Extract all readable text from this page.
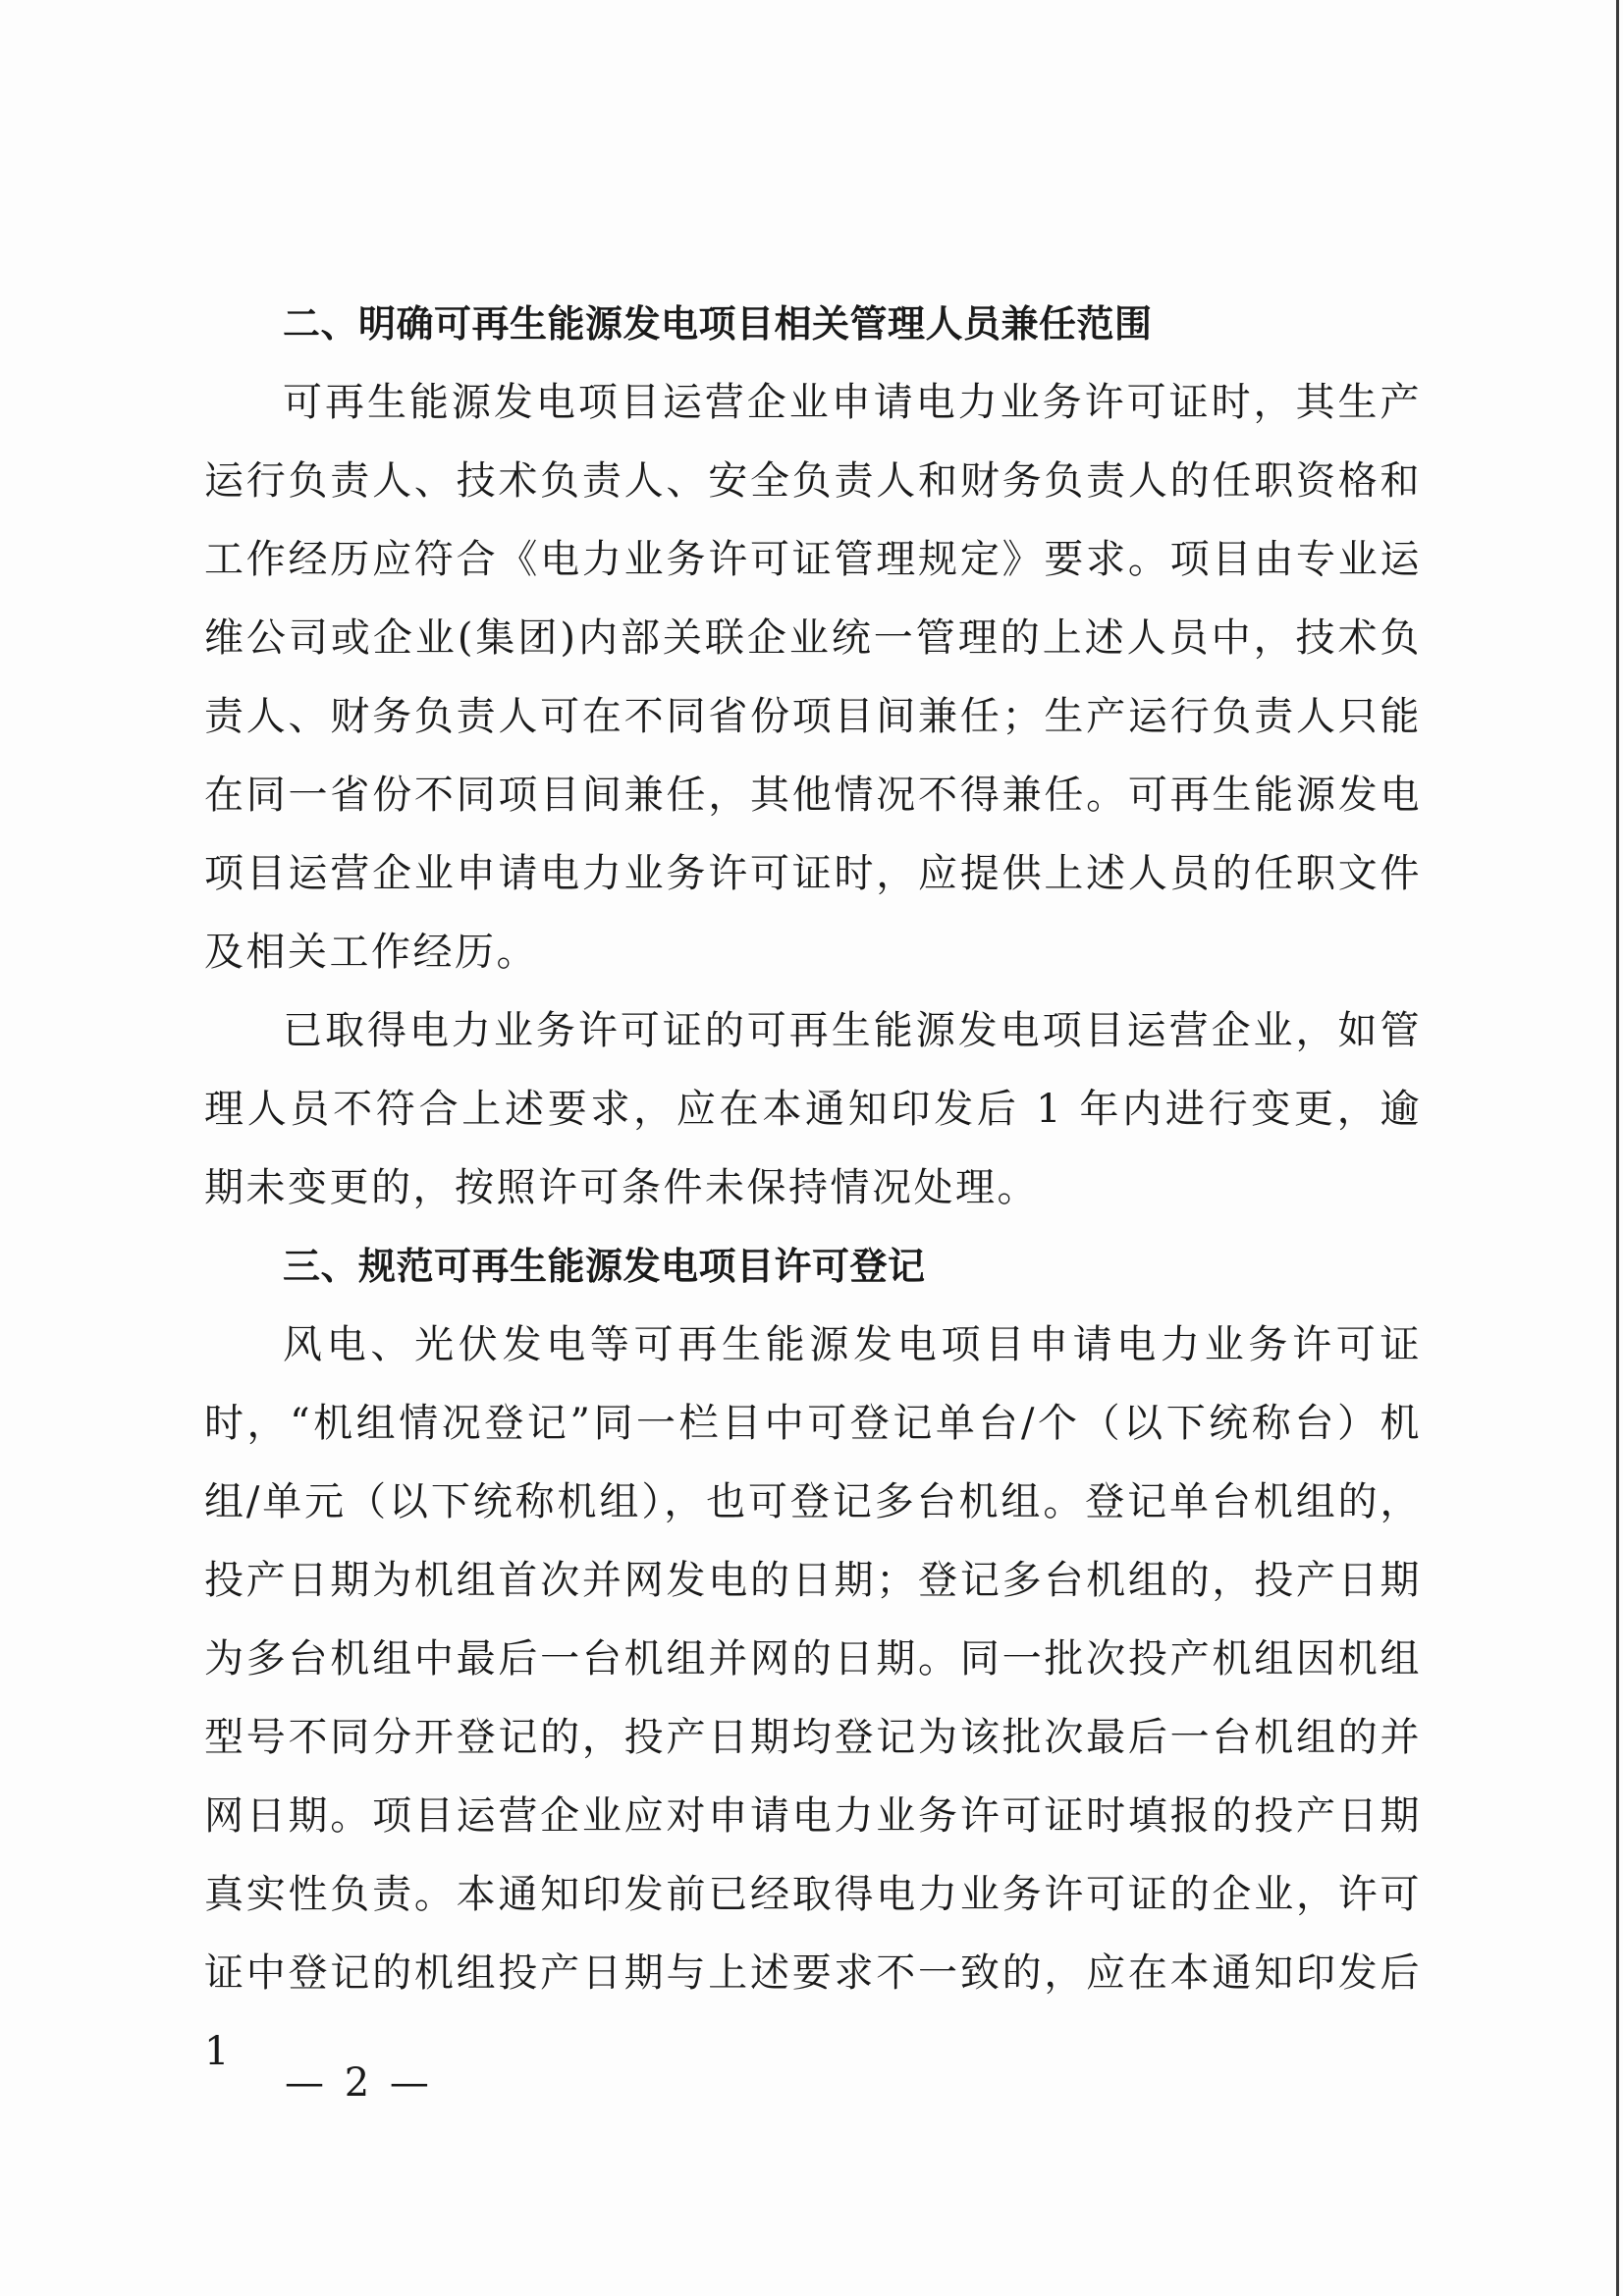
二、明确可再生能源发电项目相关管理人员兼任范围

可再生能源发电项目运营企业申请电力业务许可证时，其生产运行负责人、技术负责人、安全负责人和财务负责人的任职资格和工作经历应符合《电力业务许可证管理规定》要求。项目由专业运维公司或企业(集团)内部关联企业统一管理的上述人员中，技术负责人、财务负责人可在不同省份项目间兼任；生产运行负责人只能在同一省份不同项目间兼任，其他情况不得兼任。可再生能源发电项目运营企业申请电力业务许可证时，应提供上述人员的任职文件及相关工作经历。

已取得电力业务许可证的可再生能源发电项目运营企业，如管理人员不符合上述要求，应在本通知印发后 1 年内进行变更，逾期未变更的，按照许可条件未保持情况处理。

三、规范可再生能源发电项目许可登记

风电、光伏发电等可再生能源发电项目申请电力业务许可证时，“机组情况登记”同一栏目中可登记单台/个（以下统称台）机组/单元（以下统称机组），也可登记多台机组。登记单台机组的，投产日期为机组首次并网发电的日期；登记多台机组的，投产日期为多台机组中最后一台机组并网的日期。同一批次投产机组因机组型号不同分开登记的，投产日期均登记为该批次最后一台机组的并网日期。项目运营企业应对申请电力业务许可证时填报的投产日期真实性负责。本通知印发前已经取得电力业务许可证的企业，许可证中登记的机组投产日期与上述要求不一致的，应在本通知印发后 1

— 2 —
